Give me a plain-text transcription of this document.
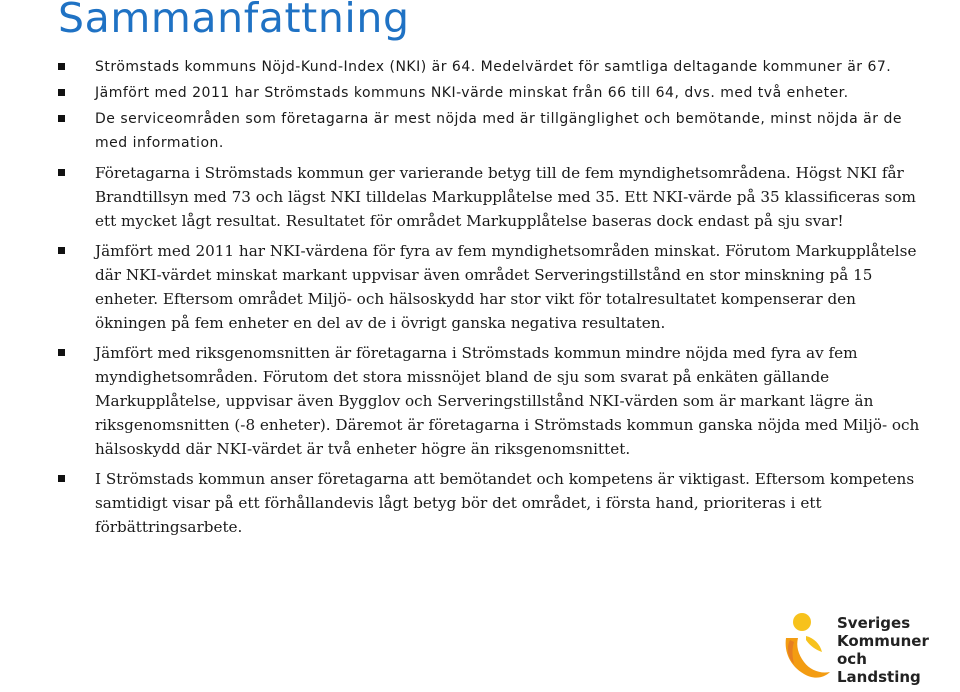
Sammanfattning
Strömstads kommuns Nöjd-Kund-Index (NKI) är 64. Medelvärdet för samtliga deltagande kommuner är 67.
Jämfört med 2011 har Strömstads kommuns NKI-värde minskat från 66 till 64, dvs. med två enheter.
De serviceområden som företagarna är mest nöjda med är tillgänglighet och bemötande, minst nöjda är de med information.
Företagarna i Strömstads kommun ger varierande betyg till de fem myndighetsområdena. Högst NKI får Brandtillsyn med 73 och lägst NKI tilldelas Markupplåtelse med 35. Ett NKI-värde på 35 klassificeras som ett mycket lågt resultat. Resultatet för området Markupplåtelse baseras dock endast på sju svar!
Jämfört med 2011 har NKI-värdena för fyra av fem myndighetsområden minskat. Förutom Markupplåtelse där NKI-värdet minskat markant uppvisar även området Serveringstillstånd en stor minskning på 15 enheter. Eftersom området Miljö- och hälsoskydd har stor vikt för totalresultatet kompenserar den ökningen på fem enheter en del av de i övrigt ganska negativa resultaten.
Jämfört med riksgenomsnitten är företagarna i Strömstads kommun mindre nöjda med fyra av fem myndighetsområden. Förutom det stora missnöjet bland de sju som svarat på enkäten gällande Markupplåtelse, uppvisar även Bygglov och Serveringstillstånd NKI-värden som är markant lägre än riksgenomsnitten (-8 enheter). Däremot är företagarna i Strömstads kommun ganska nöjda med Miljö- och hälsoskydd där NKI-värdet är två enheter högre än riksgenomsnittet.
I Strömstads kommun anser företagarna att bemötandet och kompetens är viktigast. Eftersom kompetens samtidigt visar på ett förhållandevis lågt betyg bör det området, i första hand, prioriteras i ett förbättringsarbete.
Sveriges
Kommuner
och Landsting
